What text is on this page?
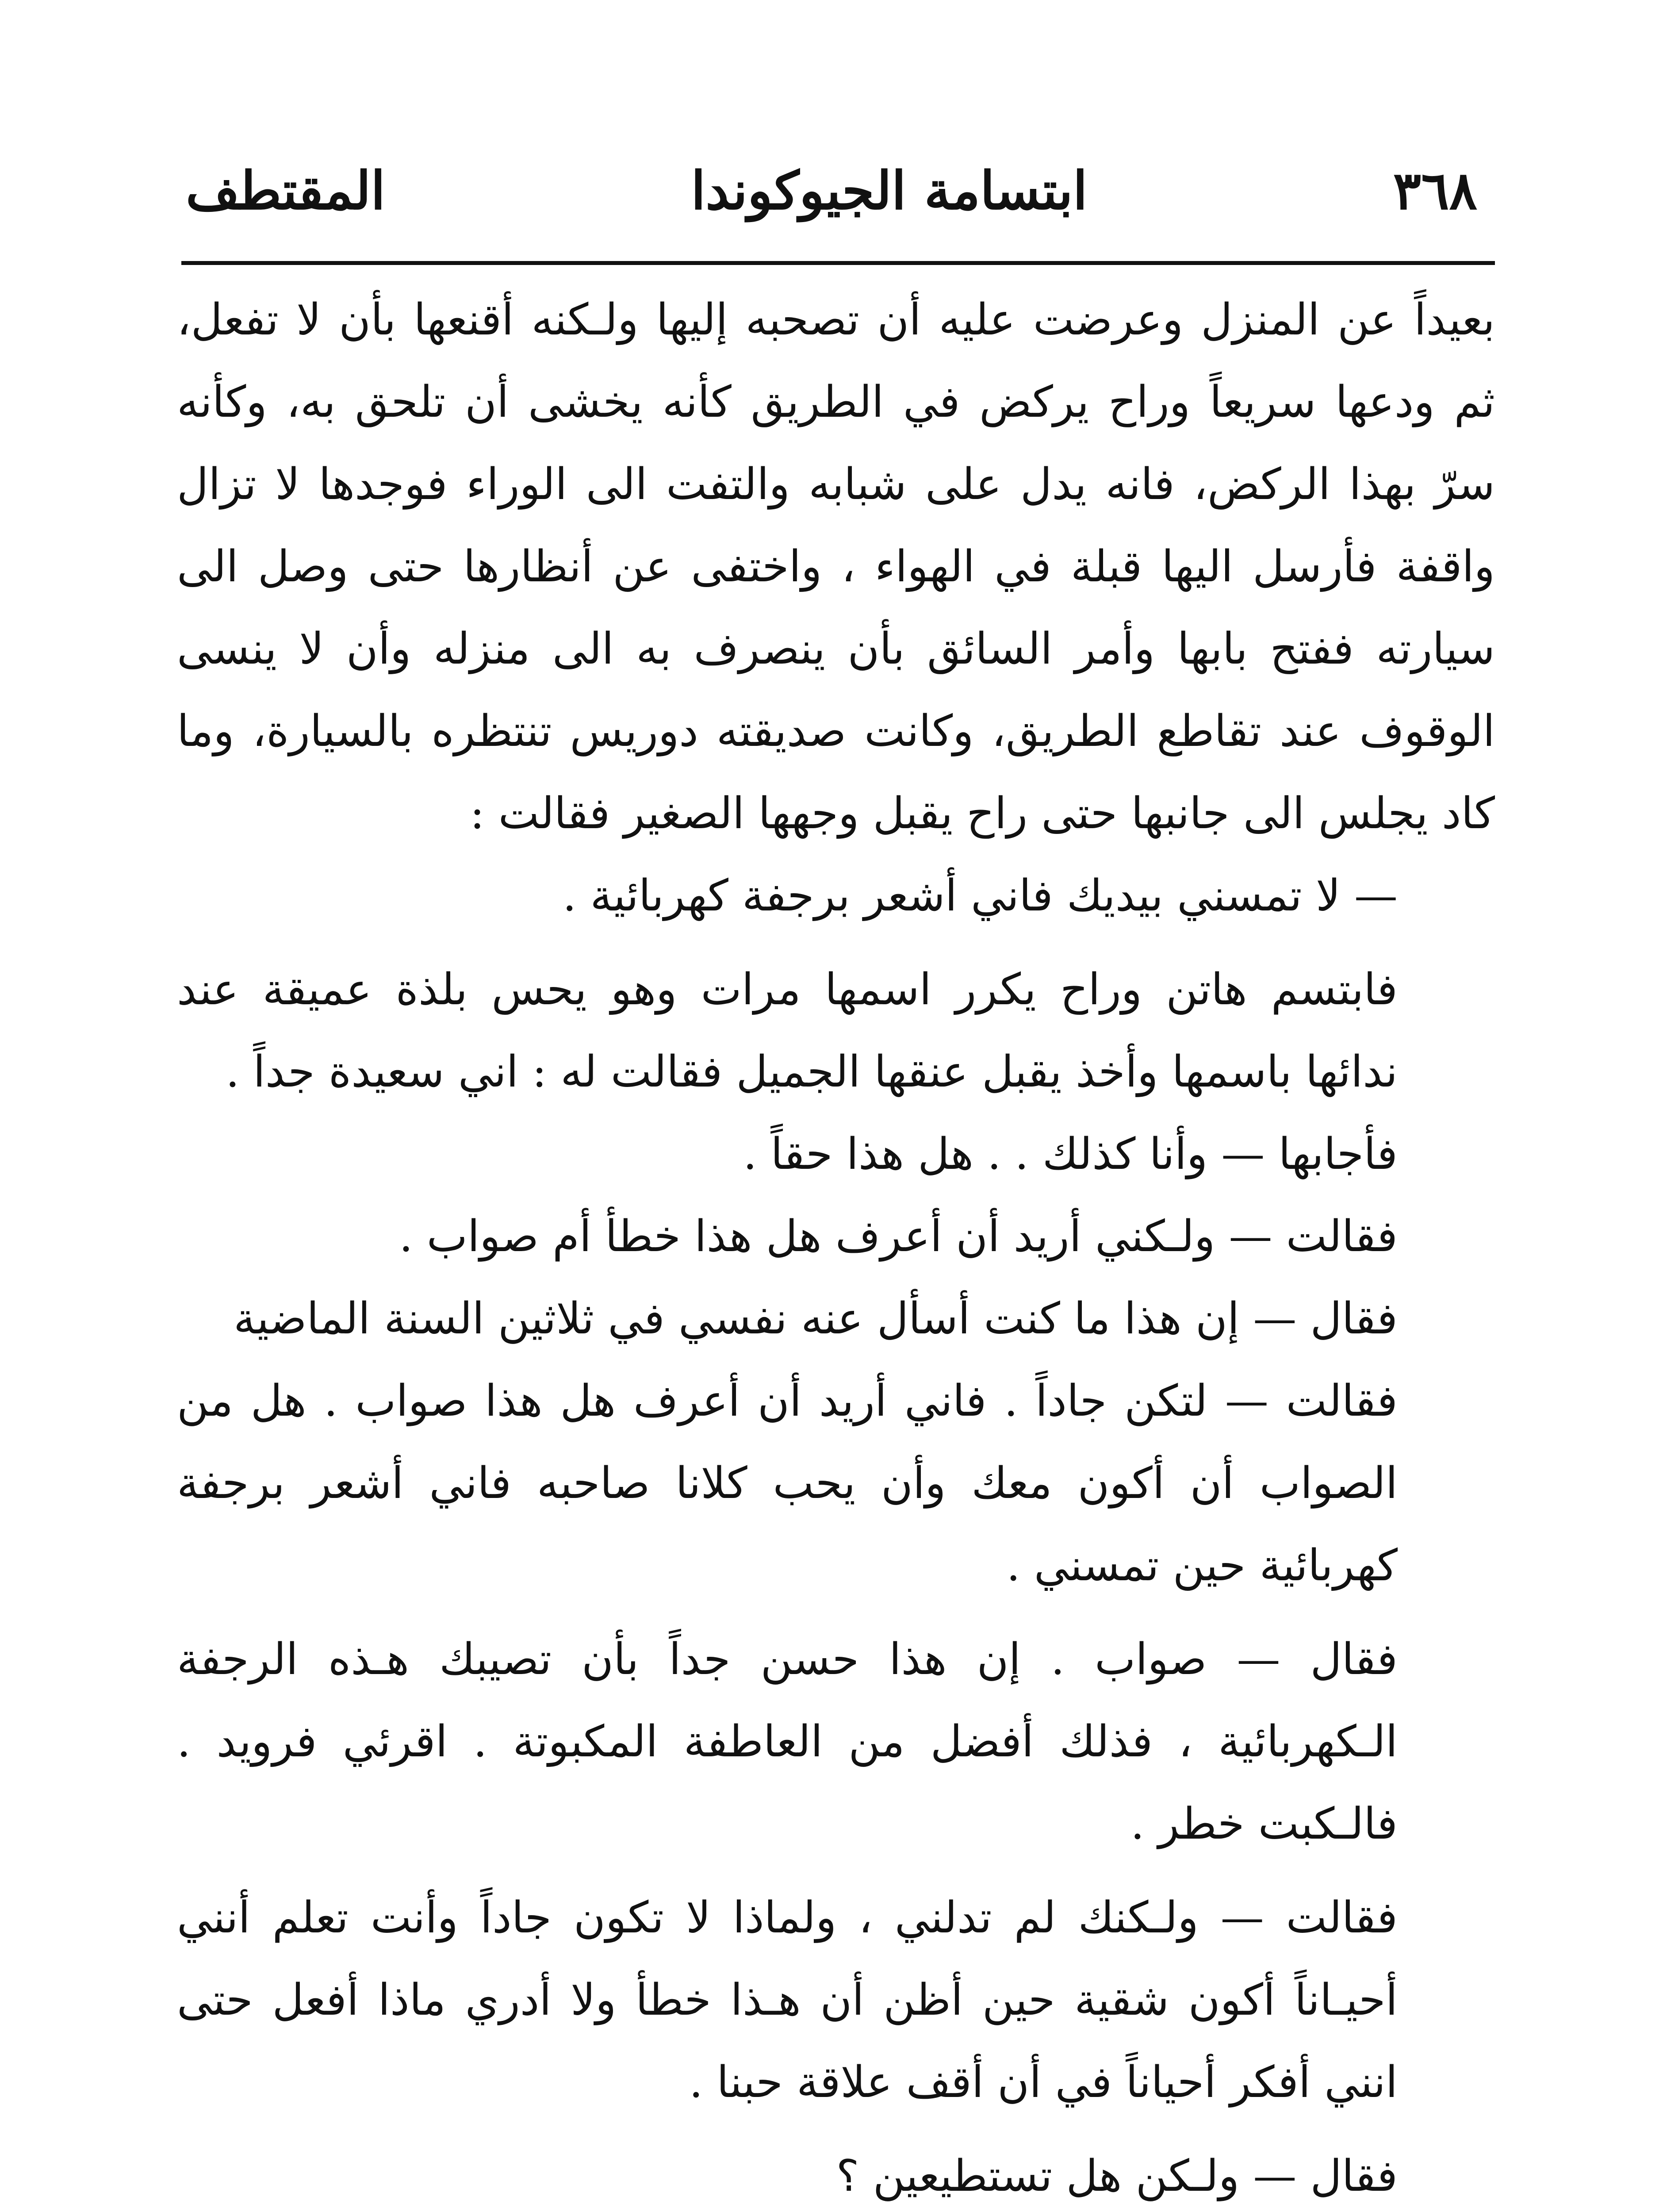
٣٦٨
ابتسامة الجيوكوندا
المقتطف

بعيداً عن المنزل وعرضت عليه أن تصحبه إليها ولـكنه أقنعها بأن لا تفعل، ثم ودعها سريعاً وراح يركض في الطريق كأنه يخشى أن تلحق به، وكأنه سرّ بهذا الركض، فانه يدل على شبابه والتفت الى الوراء فوجدها لا تزال واقفة فأرسل اليها قبلة في الهواء ، واختفى عن أنظارها حتى وصل الى سيارته ففتح بابها وأمر السائق بأن ينصرف به الى منزله وأن لا ينسى الوقوف عند تقاطع الطريق، وكانت صديقته دوريس تنتظره بالسيارة، وما كاد يجلس الى جانبها حتى راح يقبل وجهها الصغير فقالت :

— لا تمسني بيديك فاني أشعر برجفة كهربائية .

فابتسم هاتن وراح يكرر اسمها مرات وهو يحس بلذة عميقة عند ندائها باسمها وأخذ يقبل عنقها الجميل فقالت له : اني سعيدة جداً .

فأجابها — وأنا كذلك . . هل هذا حقاً .

فقالت — ولـكني أريد أن أعرف هل هذا خطأ أم صواب .

فقال — إن هذا ما كنت أسأل عنه نفسي في ثلاثين السنة الماضية

فقالت — لتكن جاداً . فاني أريد أن أعرف هل هذا صواب . هل من الصواب أن أكون معك وأن يحب كلانا صاحبه فاني أشعر برجفة كهربائية حين تمسني .

فقال — صواب . إن هذا حسن جداً بأن تصيبك هـذه الرجفة الـكهربائية ، فذلك أفضل من العاطفة المكبوتة . اقرئي فرويد . فالـكبت خطر .

فقالت — ولـكنك لم تدلني ، ولماذا لا تكون جاداً وأنت تعلم أنني أحيـاناً أكون شقية حين أظن أن هـذا خطأ ولا أدري ماذا أفعل حتى انني أفكر أحياناً في أن أقف علاقة حبنا .

فقال — ولـكن هل تستطيعين ؟
